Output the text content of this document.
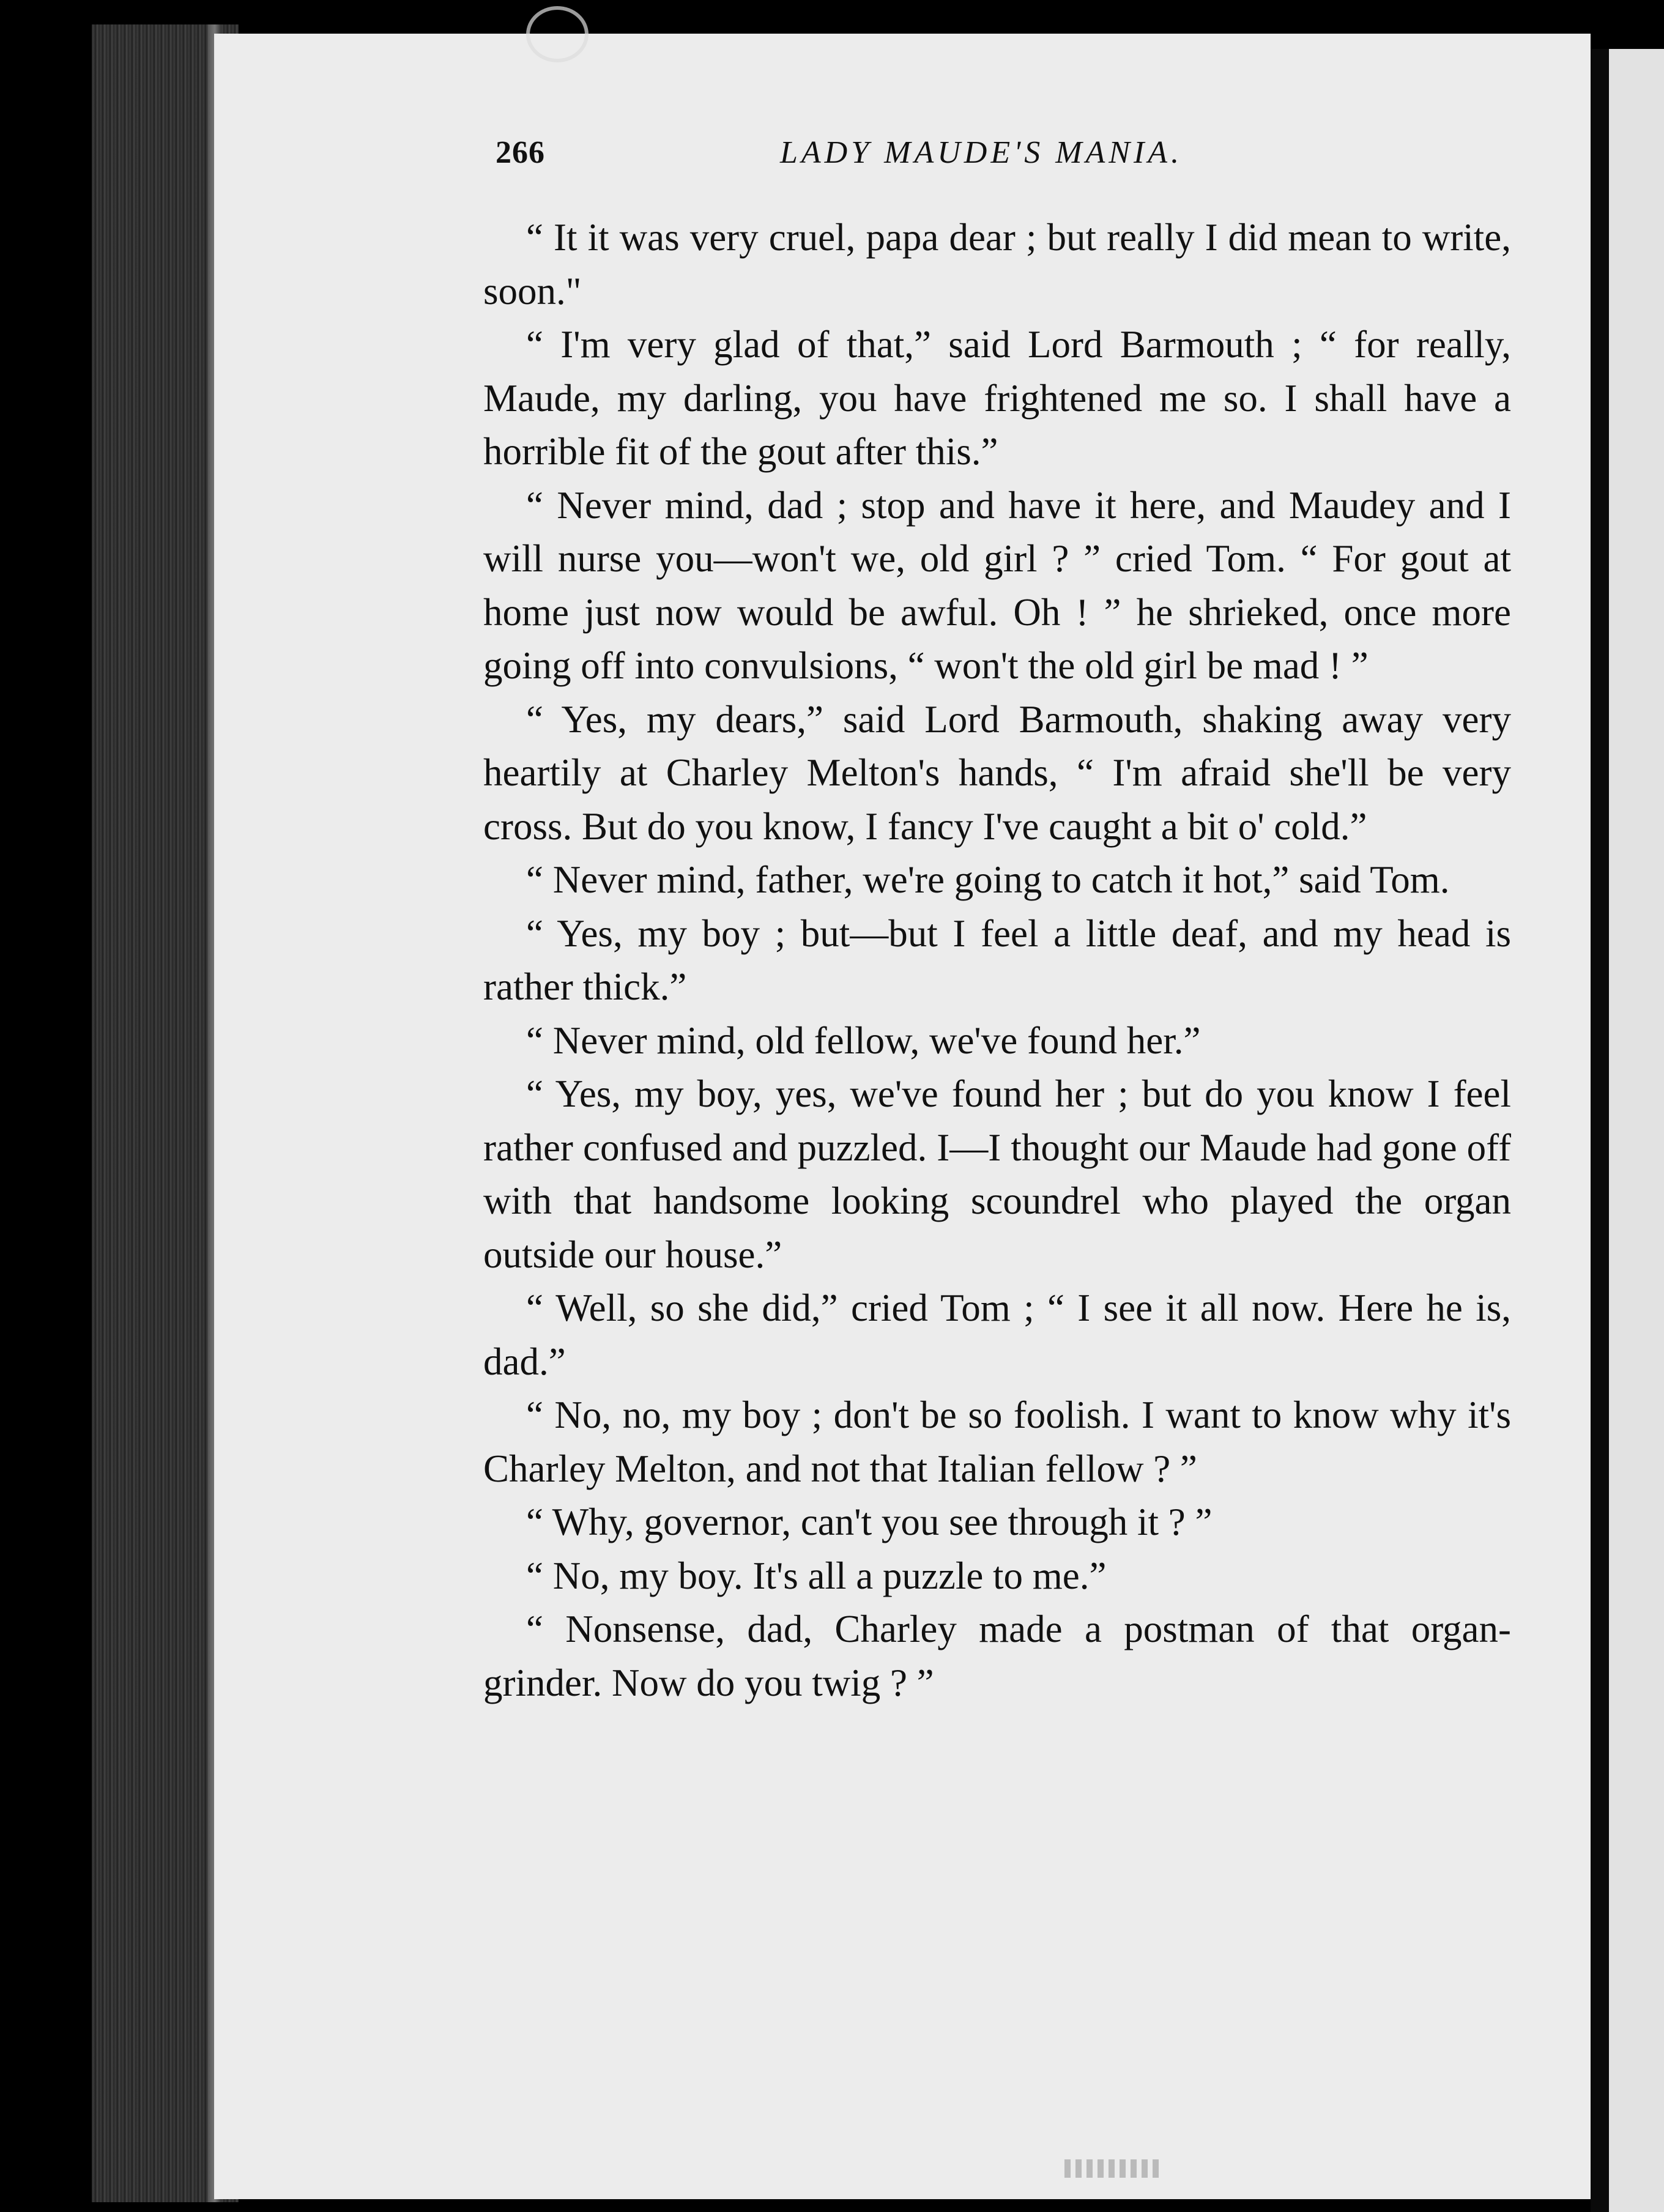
266	LADY MAUDE'S MANIA.

“ It it was very cruel, papa dear ; but really I did mean to write, soon."

“ I'm very glad of that,” said Lord Barmouth ; “ for really, Maude, my darling, you have frightened me so. I shall have a horrible fit of the gout after this.”

“ Never mind, dad ; stop and have it here, and Maudey and I will nurse you—won't we, old girl ? ” cried Tom. “ For gout at home just now would be awful. Oh ! ” he shrieked, once more going off into convulsions, “ won't the old girl be mad ! ”

“ Yes, my dears,” said Lord Barmouth, shaking away very heartily at Charley Melton's hands, “ I'm afraid she'll be very cross. But do you know, I fancy I've caught a bit o' cold.”

“ Never mind, father, we're going to catch it hot,” said Tom.

“ Yes, my boy ; but—but I feel a little deaf, and my head is rather thick.”

“ Never mind, old fellow, we've found her.”

“ Yes, my boy, yes, we've found her ; but do you know I feel rather confused and puzzled. I—I thought our Maude had gone off with that handsome looking scoundrel who played the organ outside our house.”

“ Well, so she did,” cried Tom ; “ I see it all now. Here he is, dad.”

“ No, no, my boy ; don't be so foolish. I want to know why it's Charley Melton, and not that Italian fellow ? ”

“ Why, governor, can't you see through it ? ”

“ No, my boy. It's all a puzzle to me.”

“ Nonsense, dad, Charley made a postman of that organ-grinder. Now do you twig ? ”
